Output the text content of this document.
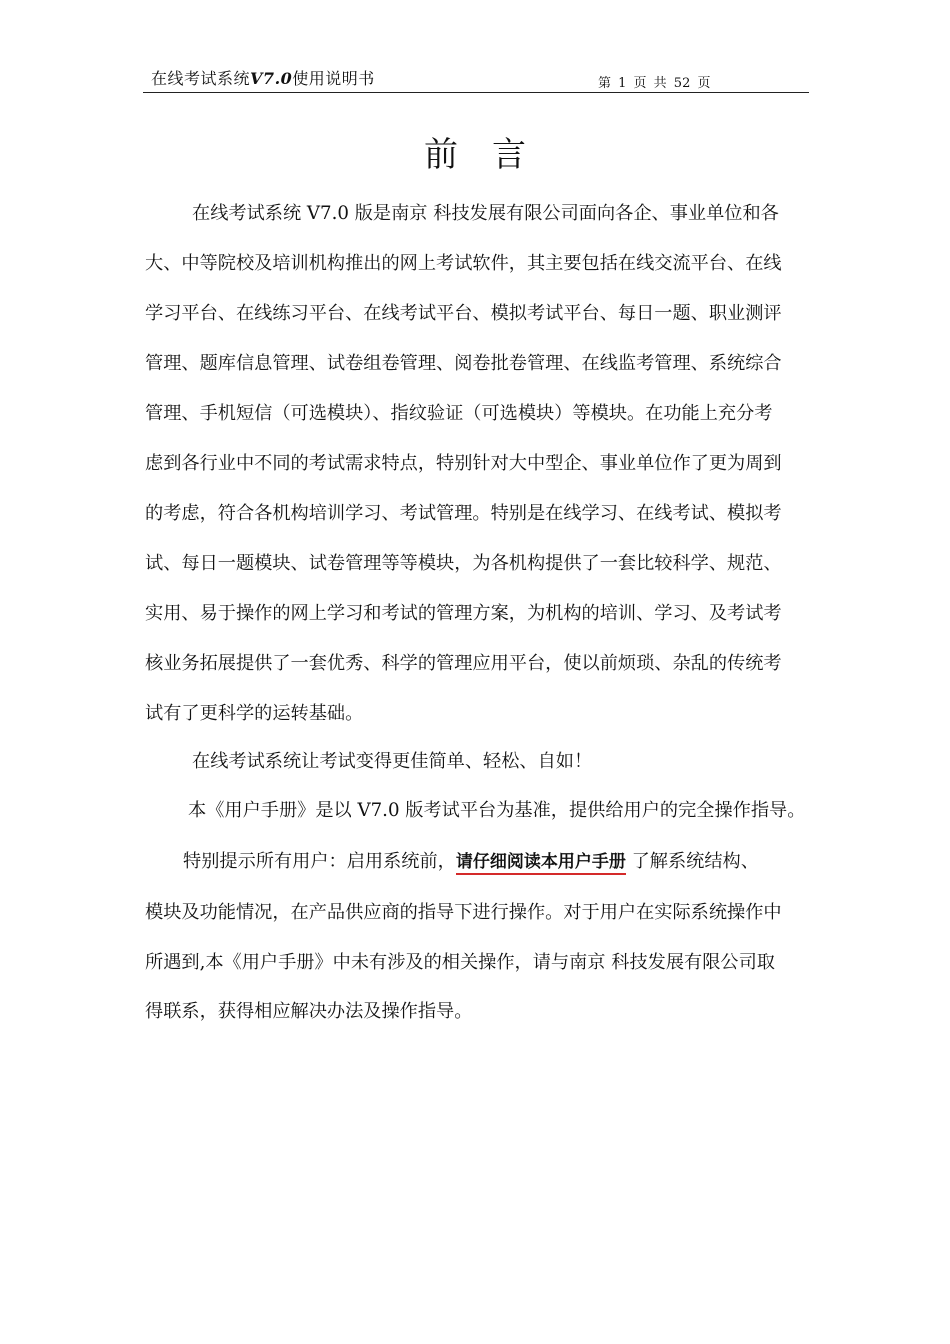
在线考试系统V7.0使用说明书	第 1 页 共 52 页
前言
在线考试系统 V7.0 版是南京 科技发展有限公司面向各企、事业单位和各
大、中等院校及培训机构推出的网上考试软件，其主要包括在线交流平台、在线
学习平台、在线练习平台、在线考试平台、模拟考试平台、每日一题、职业测评
管理、题库信息管理、试卷组卷管理、阅卷批卷管理、在线监考管理、系统综合
管理、手机短信（可选模块）、指纹验证（可选模块）等模块。在功能上充分考
虑到各行业中不同的考试需求特点，特别针对大中型企、事业单位作了更为周到
的考虑，符合各机构培训学习、考试管理。特别是在线学习、在线考试、模拟考
试、每日一题模块、试卷管理等等模块，为各机构提供了一套比较科学、规范、
实用、易于操作的网上学习和考试的管理方案，为机构的培训、学习、及考试考
核业务拓展提供了一套优秀、科学的管理应用平台，使以前烦琐、杂乱的传统考
试有了更科学的运转基础。
在线考试系统让考试变得更佳简单、轻松、自如！
本《用户手册》是以 V7.0 版考试平台为基准，提供给用户的完全操作指导。
特别提示所有用户：启用系统前，请仔细阅读本用户手册 了解系统结构、
模块及功能情况，在产品供应商的指导下进行操作。对于用户在实际系统操作中
所遇到,本《用户手册》中未有涉及的相关操作，请与南京 科技发展有限公司取
得联系，获得相应解决办法及操作指导。
